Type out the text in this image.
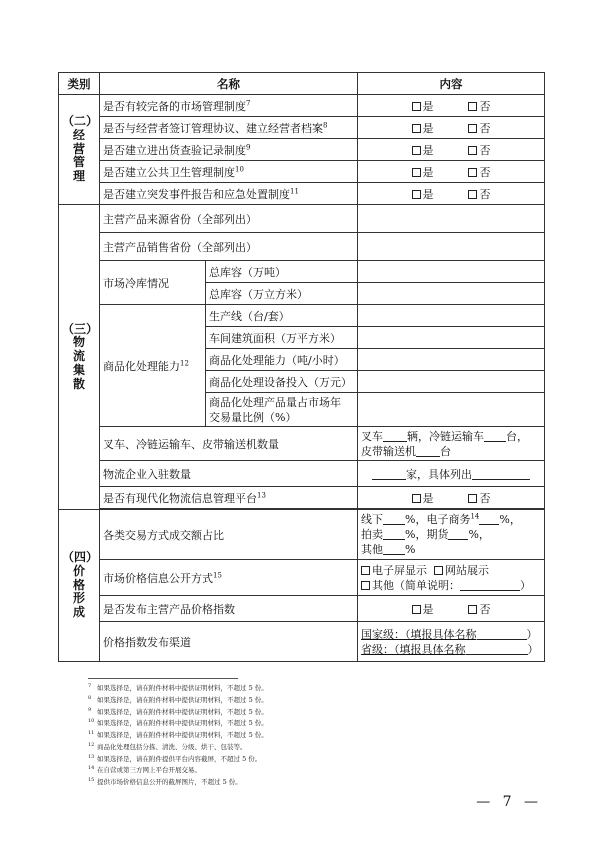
类别	名称		内容

（二）
经
营
管
理	是否有较完备的市场管理制度$^7$		是 否
	是否与经营者签订管理协议、建立经营者档案$^8$		是 否
	是否建立进出货查验记录制度$^9$		是 否
	是否建立公共卫生管理制度$^{10}$		是 否
	是否建立突发事件报告和应急处置制度$^{11}$		是 否

（三）
物
流
集
散	主营产品来源省份（全部列出）		
	主营产品销售省份（全部列出）		
	市场冷库情况	总库容（万吨）	
		总库容（万立方米）	
	商品化处理能力$^{12}$	生产线（台/套）	
		车间建筑面积（万平方米）	
		商品化处理能力（吨/小时）	
		商品化处理设备投入（万元）	

		商品化处理产品量占市场年
交易量比例（%）	

	叉车、冷链运输车、皮带输送机数量		叉车 辆，冷链运输车 台，
皮带输送机 台

	物流企业入驻数量		家，具体列出
	是否有现代化物流信息管理平台$^{13}$		是 否

（四）
价
格
形
成	各类交易方式成交额占比		线下 %，电子商务$^{14}$ %，
拍卖 %，期货 %，
其他 %

	市场价格信息公开方式$^{15}$		电子屏显示 网站展示
其他（简单说明： ）

	是否发布主营产品价格指数		是 否
	价格指数发布渠道		国家级：（填报具体名称 ）
省级：（填报具体名称 ）
7 如果选择是，请在附件材料中提供证明材料，不超过 5 份。
8 如果选择是，请在附件材料中提供证明材料，不超过 5 份。
9 如果选择是，请在附件材料中提供证明材料，不超过 5 份。
10 如果选择是，请在附件材料中提供证明材料，不超过 5 份。
11 如果选择是，请在附件材料中提供证明材料，不超过 5 份。
12 商品化处理包括分拣、清洗、分级、烘干、包装等。
13 如果选择是，请在附件提供平台内容截屏，不超过 5 份。
14 在自营或第三方网上平台开展交易。
15 提供市场价格信息公开的截屏图片，不超过 5 份。
— 7 —
